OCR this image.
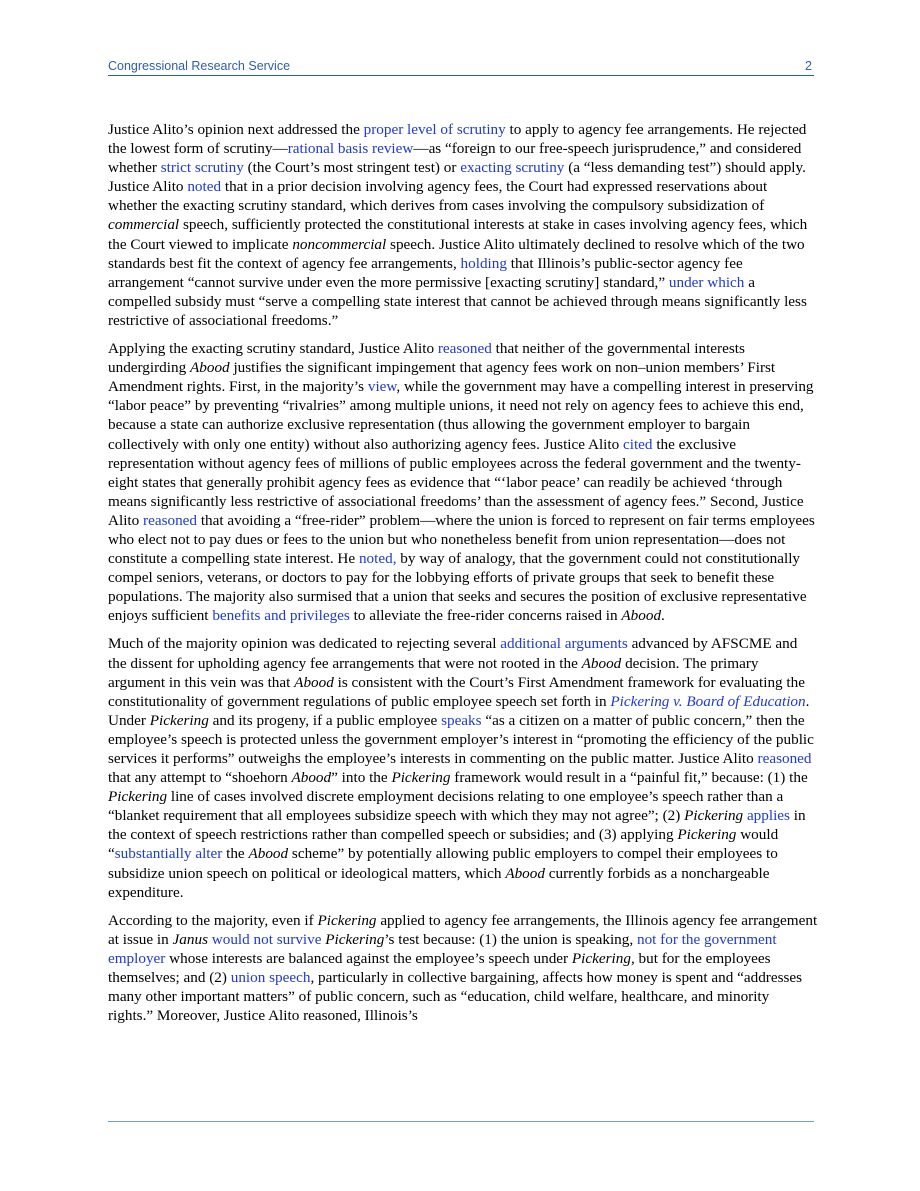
Congressional Research Service	2

Justice Alito’s opinion next addressed the proper level of scrutiny to apply to agency fee arrangements. He rejected the lowest form of scrutiny—rational basis review—as “foreign to our free-speech jurisprudence,” and considered whether strict scrutiny (the Court’s most stringent test) or exacting scrutiny (a “less demanding test”) should apply. Justice Alito noted that in a prior decision involving agency fees, the Court had expressed reservations about whether the exacting scrutiny standard, which derives from cases involving the compulsory subsidization of commercial speech, sufficiently protected the constitutional interests at stake in cases involving agency fees, which the Court viewed to implicate noncommercial speech. Justice Alito ultimately declined to resolve which of the two standards best fit the context of agency fee arrangements, holding that Illinois’s public-sector agency fee arrangement “cannot survive under even the more permissive [exacting scrutiny] standard,” under which a compelled subsidy must “serve a compelling state interest that cannot be achieved through means significantly less restrictive of associational freedoms.”

Applying the exacting scrutiny standard, Justice Alito reasoned that neither of the governmental interests undergirding Abood justifies the significant impingement that agency fees work on non–union members’ First Amendment rights. First, in the majority’s view, while the government may have a compelling interest in preserving “labor peace” by preventing “rivalries” among multiple unions, it need not rely on agency fees to achieve this end, because a state can authorize exclusive representation (thus allowing the government employer to bargain collectively with only one entity) without also authorizing agency fees. Justice Alito cited the exclusive representation without agency fees of millions of public employees across the federal government and the twenty-eight states that generally prohibit agency fees as evidence that “‘labor peace’ can readily be achieved ‘through means significantly less restrictive of associational freedoms’ than the assessment of agency fees.” Second, Justice Alito reasoned that avoiding a “free-rider” problem—where the union is forced to represent on fair terms employees who elect not to pay dues or fees to the union but who nonetheless benefit from union representation—does not constitute a compelling state interest. He noted, by way of analogy, that the government could not constitutionally compel seniors, veterans, or doctors to pay for the lobbying efforts of private groups that seek to benefit these populations. The majority also surmised that a union that seeks and secures the position of exclusive representative enjoys sufficient benefits and privileges to alleviate the free-rider concerns raised in Abood.

Much of the majority opinion was dedicated to rejecting several additional arguments advanced by AFSCME and the dissent for upholding agency fee arrangements that were not rooted in the Abood decision. The primary argument in this vein was that Abood is consistent with the Court’s First Amendment framework for evaluating the constitutionality of government regulations of public employee speech set forth in Pickering v. Board of Education. Under Pickering and its progeny, if a public employee speaks “as a citizen on a matter of public concern,” then the employee’s speech is protected unless the government employer’s interest in “promoting the efficiency of the public services it performs” outweighs the employee’s interests in commenting on the public matter. Justice Alito reasoned that any attempt to “shoehorn Abood” into the Pickering framework would result in a “painful fit,” because: (1) the Pickering line of cases involved discrete employment decisions relating to one employee’s speech rather than a “blanket requirement that all employees subsidize speech with which they may not agree”; (2) Pickering applies in the context of speech restrictions rather than compelled speech or subsidies; and (3) applying Pickering would “substantially alter the Abood scheme” by potentially allowing public employers to compel their employees to subsidize union speech on political or ideological matters, which Abood currently forbids as a nonchargeable expenditure.

According to the majority, even if Pickering applied to agency fee arrangements, the Illinois agency fee arrangement at issue in Janus would not survive Pickering’s test because: (1) the union is speaking, not for the government employer whose interests are balanced against the employee’s speech under Pickering, but for the employees themselves; and (2) union speech, particularly in collective bargaining, affects how money is spent and “addresses many other important matters” of public concern, such as “education, child welfare, healthcare, and minority rights.” Moreover, Justice Alito reasoned, Illinois’s
